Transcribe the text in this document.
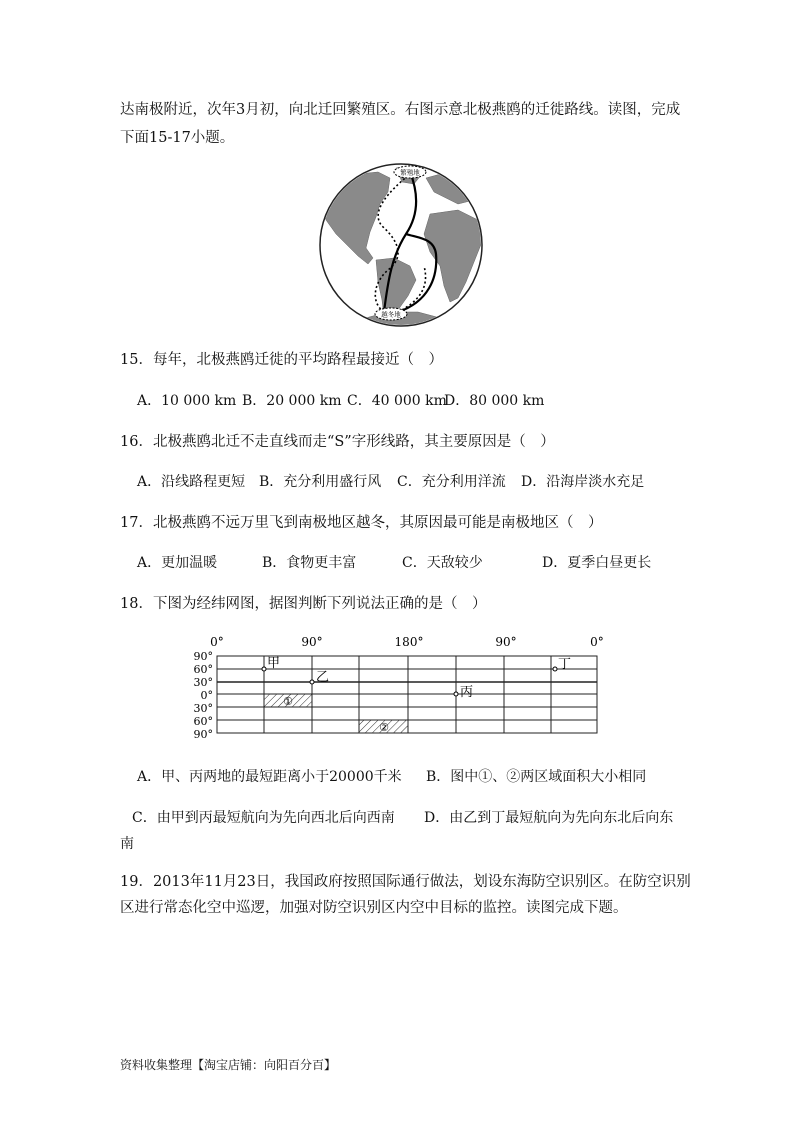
达南极附近，次年3月初，向北迁回繁殖区。右图示意北极燕鸥的迁徙路线。读图，完成
下面15-17小题。
繁殖地
越冬地
15．每年，北极燕鸥迁徙的平均路程最接近（　）
A．10 000 km B．20 000 km C．40 000 km
D．80 000 km
16．北极燕鸥北迁不走直线而走“S”字形线路，其主要原因是（　）
A．沿线路程更短 B．充分利用盛行风 C．充分利用洋流 D．沿海岸淡水充足
17．北极燕鸥不远万里飞到南极地区越冬，其原因最可能是南极地区（　）
A．更加温暖	B．食物更丰富	C．天敌较少	D．夏季白昼更长
18．下图为经纬网图，据图判断下列说法正确的是（　）
0°	90°	180°	90°	0°
90°
60°
30°
0°
30°
60°
90°
①
②
甲
乙
丙
丁
A．甲、丙两地的最短距离小于20000千米 B．图中①、②两区域面积大小相同
C．由甲到丙最短航向为先向西北后向西南 D．由乙到丁最短航向为先向东北后向东
南
19．2013年11月23日，我国政府按照国际通行做法，划设东海防空识别区。在防空识别
区进行常态化空中巡逻，加强对防空识别区内空中目标的监控。读图完成下题。
资料收集整理【淘宝店铺：向阳百分百】
